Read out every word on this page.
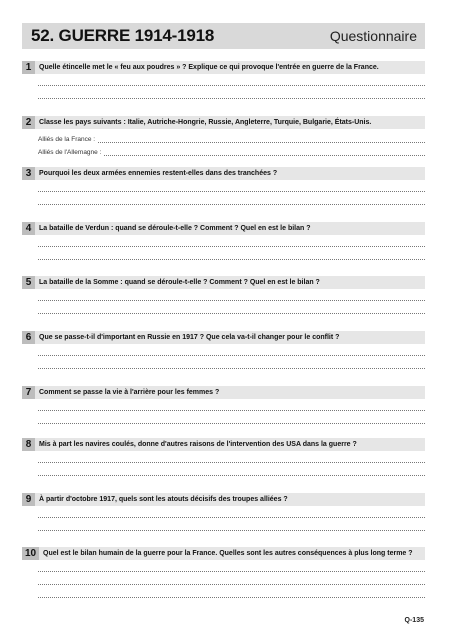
52. GUERRE 1914-1918	Questionnaire
1	Quelle étincelle met le « feu aux poudres » ? Explique ce qui provoque l'entrée en guerre de la France.
2	Classe les pays suivants : Italie, Autriche-Hongrie, Russie, Angleterre, Turquie, Bulgarie, États-Unis.
Alliés de la France :
Alliés de l'Allemagne :
3	Pourquoi les deux armées ennemies restent-elles dans des tranchées ?
4	La bataille de Verdun : quand se déroule-t-elle ? Comment ? Quel en est le bilan ?
5	La bataille de la Somme : quand se déroule-t-elle ? Comment ? Quel en est le bilan ?
6	Que se passe-t-il d'important en Russie en 1917 ? Que cela va-t-il changer pour le conflit ?
7	Comment se passe la vie à l'arrière pour les femmes ?
8	Mis à part les navires coulés, donne d'autres raisons de l'intervention des USA dans la guerre ?
9	À partir d'octobre 1917, quels sont les atouts décisifs des troupes alliées ?
10 Quel est le bilan humain de la guerre pour la France. Quelles sont les autres conséquences à plus long terme ?
Q-135
